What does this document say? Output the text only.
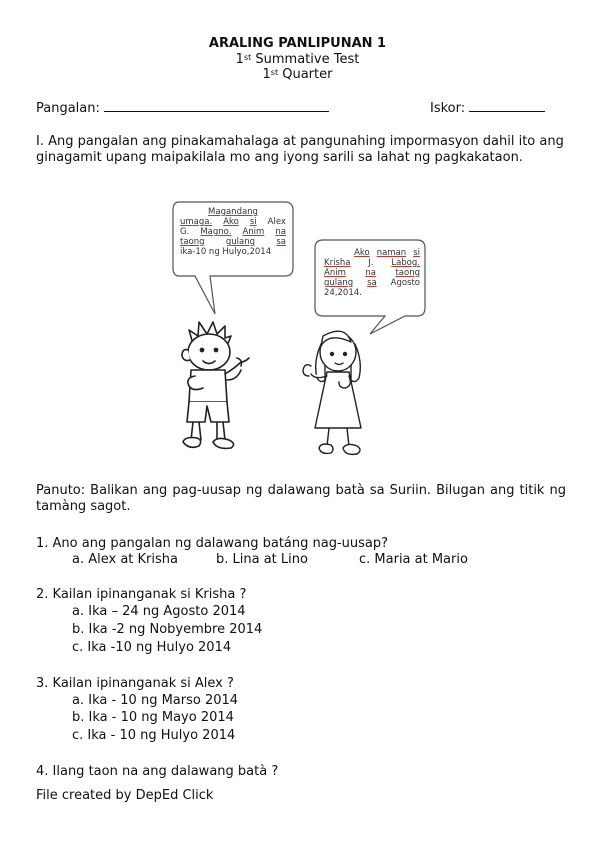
ARALING PANLIPUNAN 1
1st Summative Test
1st Quarter
Pangalan:	Iskor:
I. Ang pangalan ang pinakamahalaga at pangunahing impormasyon dahil ito ang ginagamit upang maipakilala mo ang iyong sarili sa lahat ng pagkakataon.
Magandang
umaga. Ako si Alex
G. Magno. Anim na
taong	gulang	sa
ika-10 ng Hulyo,2014	Ako naman si
Krisha J. Labog.
Anim na taong
gulang sa Agosto
24,2014.
Panuto: Balikan ang pag-uusap ng dalawang batà sa Suriin. Bilugan ang titik ng tamàng sagot.
1. Ano ang pangalan ng dalawang batáng nag-uusap?
a. Alex at Krisha	b. Lina at Lino	c. Maria at Mario
2. Kailan ipinanganak si Krisha ?
a. Ika – 24 ng Agosto 2014
b. Ika -2 ng Nobyembre 2014
c. Ika -10 ng Hulyo 2014
3. Kailan ipinanganak si Alex ?
a. Ika - 10 ng Marso 2014
b. Ika - 10 ng Mayo 2014
c. Ika - 10 ng Hulyo 2014
4. Ilang taon na ang dalawang batà ?
File created by DepEd Click
